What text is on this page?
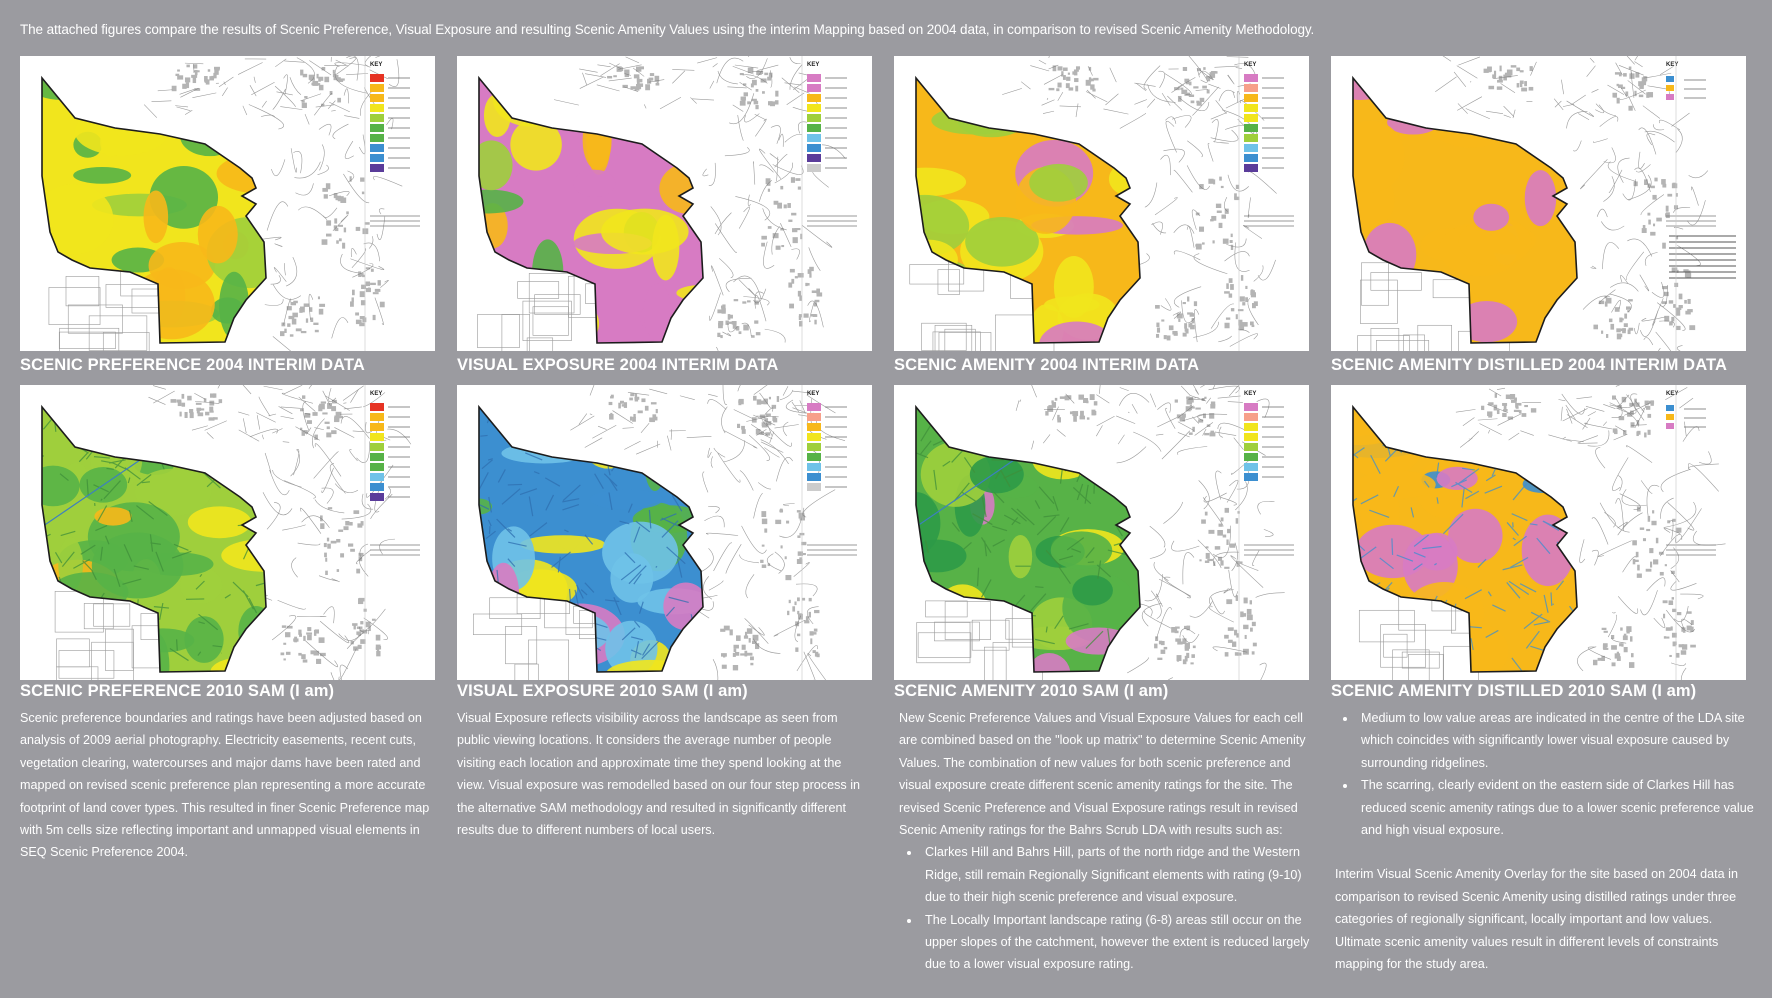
The attached figures compare the results of Scenic Preference, Visual Exposure and resulting Scenic Amenity Values using the interim Mapping based on 2004 data, in comparison to revised Scenic Amenity Methodology.
KEY	KEY	KEY	KEY
SCENIC PREFERENCE 2004 INTERIM DATA	VISUAL EXPOSURE 2004 INTERIM DATA	SCENIC AMENITY 2004 INTERIM DATA	SCENIC AMENITY DISTILLED 2004 INTERIM DATA
KEY	KEY	KEY	KEY
SCENIC PREFERENCE 2010 SAM (I am)	VISUAL EXPOSURE 2010 SAM (I am)	SCENIC AMENITY 2010 SAM (I am)	SCENIC AMENITY DISTILLED 2010 SAM (I am)

Scenic preference boundaries and ratings have been adjusted based on analysis of 2009 aerial photography. Electricity easements, recent cuts, vegetation clearing, watercourses and major dams have been rated and mapped on revised scenic preference plan representing a more accurate footprint of land cover types. This resulted in finer Scenic Preference map with 5m cells size reflecting important and unmapped visual elements in SEQ Scenic Preference 2004.

Visual Exposure reflects visibility across the landscape as seen from public viewing locations. It considers the average number of people visiting each location and approximate time they spend looking at the view. Visual exposure was remodelled based on our four step process in the alternative SAM methodology and resulted in significantly different results due to different numbers of local users.

New Scenic Preference Values and Visual Exposure Values for each cell are combined based on the "look up matrix" to determine Scenic Amenity Values. The combination of new values for both scenic preference and visual exposure create different scenic amenity ratings for the site. The revised Scenic Preference and Visual Exposure ratings result in revised Scenic Amenity ratings for the Bahrs Scrub LDA with results such as:

• Clarkes Hill and Bahrs Hill, parts of the north ridge and the Western Ridge, still remain Regionally Significant elements with rating (9-10) due to their high scenic preference and visual exposure.
• The Locally Important landscape rating (6-8) areas still occur on the upper slopes of the catchment, however the extent is reduced largely due to a lower visual exposure rating.
• Medium to low value areas are indicated in the centre of the LDA site which coincides with significantly lower visual exposure caused by surrounding ridgelines.
• The scarring, clearly evident on the eastern side of Clarkes Hill has reduced scenic amenity ratings due to a lower scenic preference value and high visual exposure.

Interim Visual Scenic Amenity Overlay for the site based on 2004 data in comparison to revised Scenic Amenity using distilled ratings under three categories of regionally significant, locally important and low values. Ultimate scenic amenity values result in different levels of constraints mapping for the study area.
